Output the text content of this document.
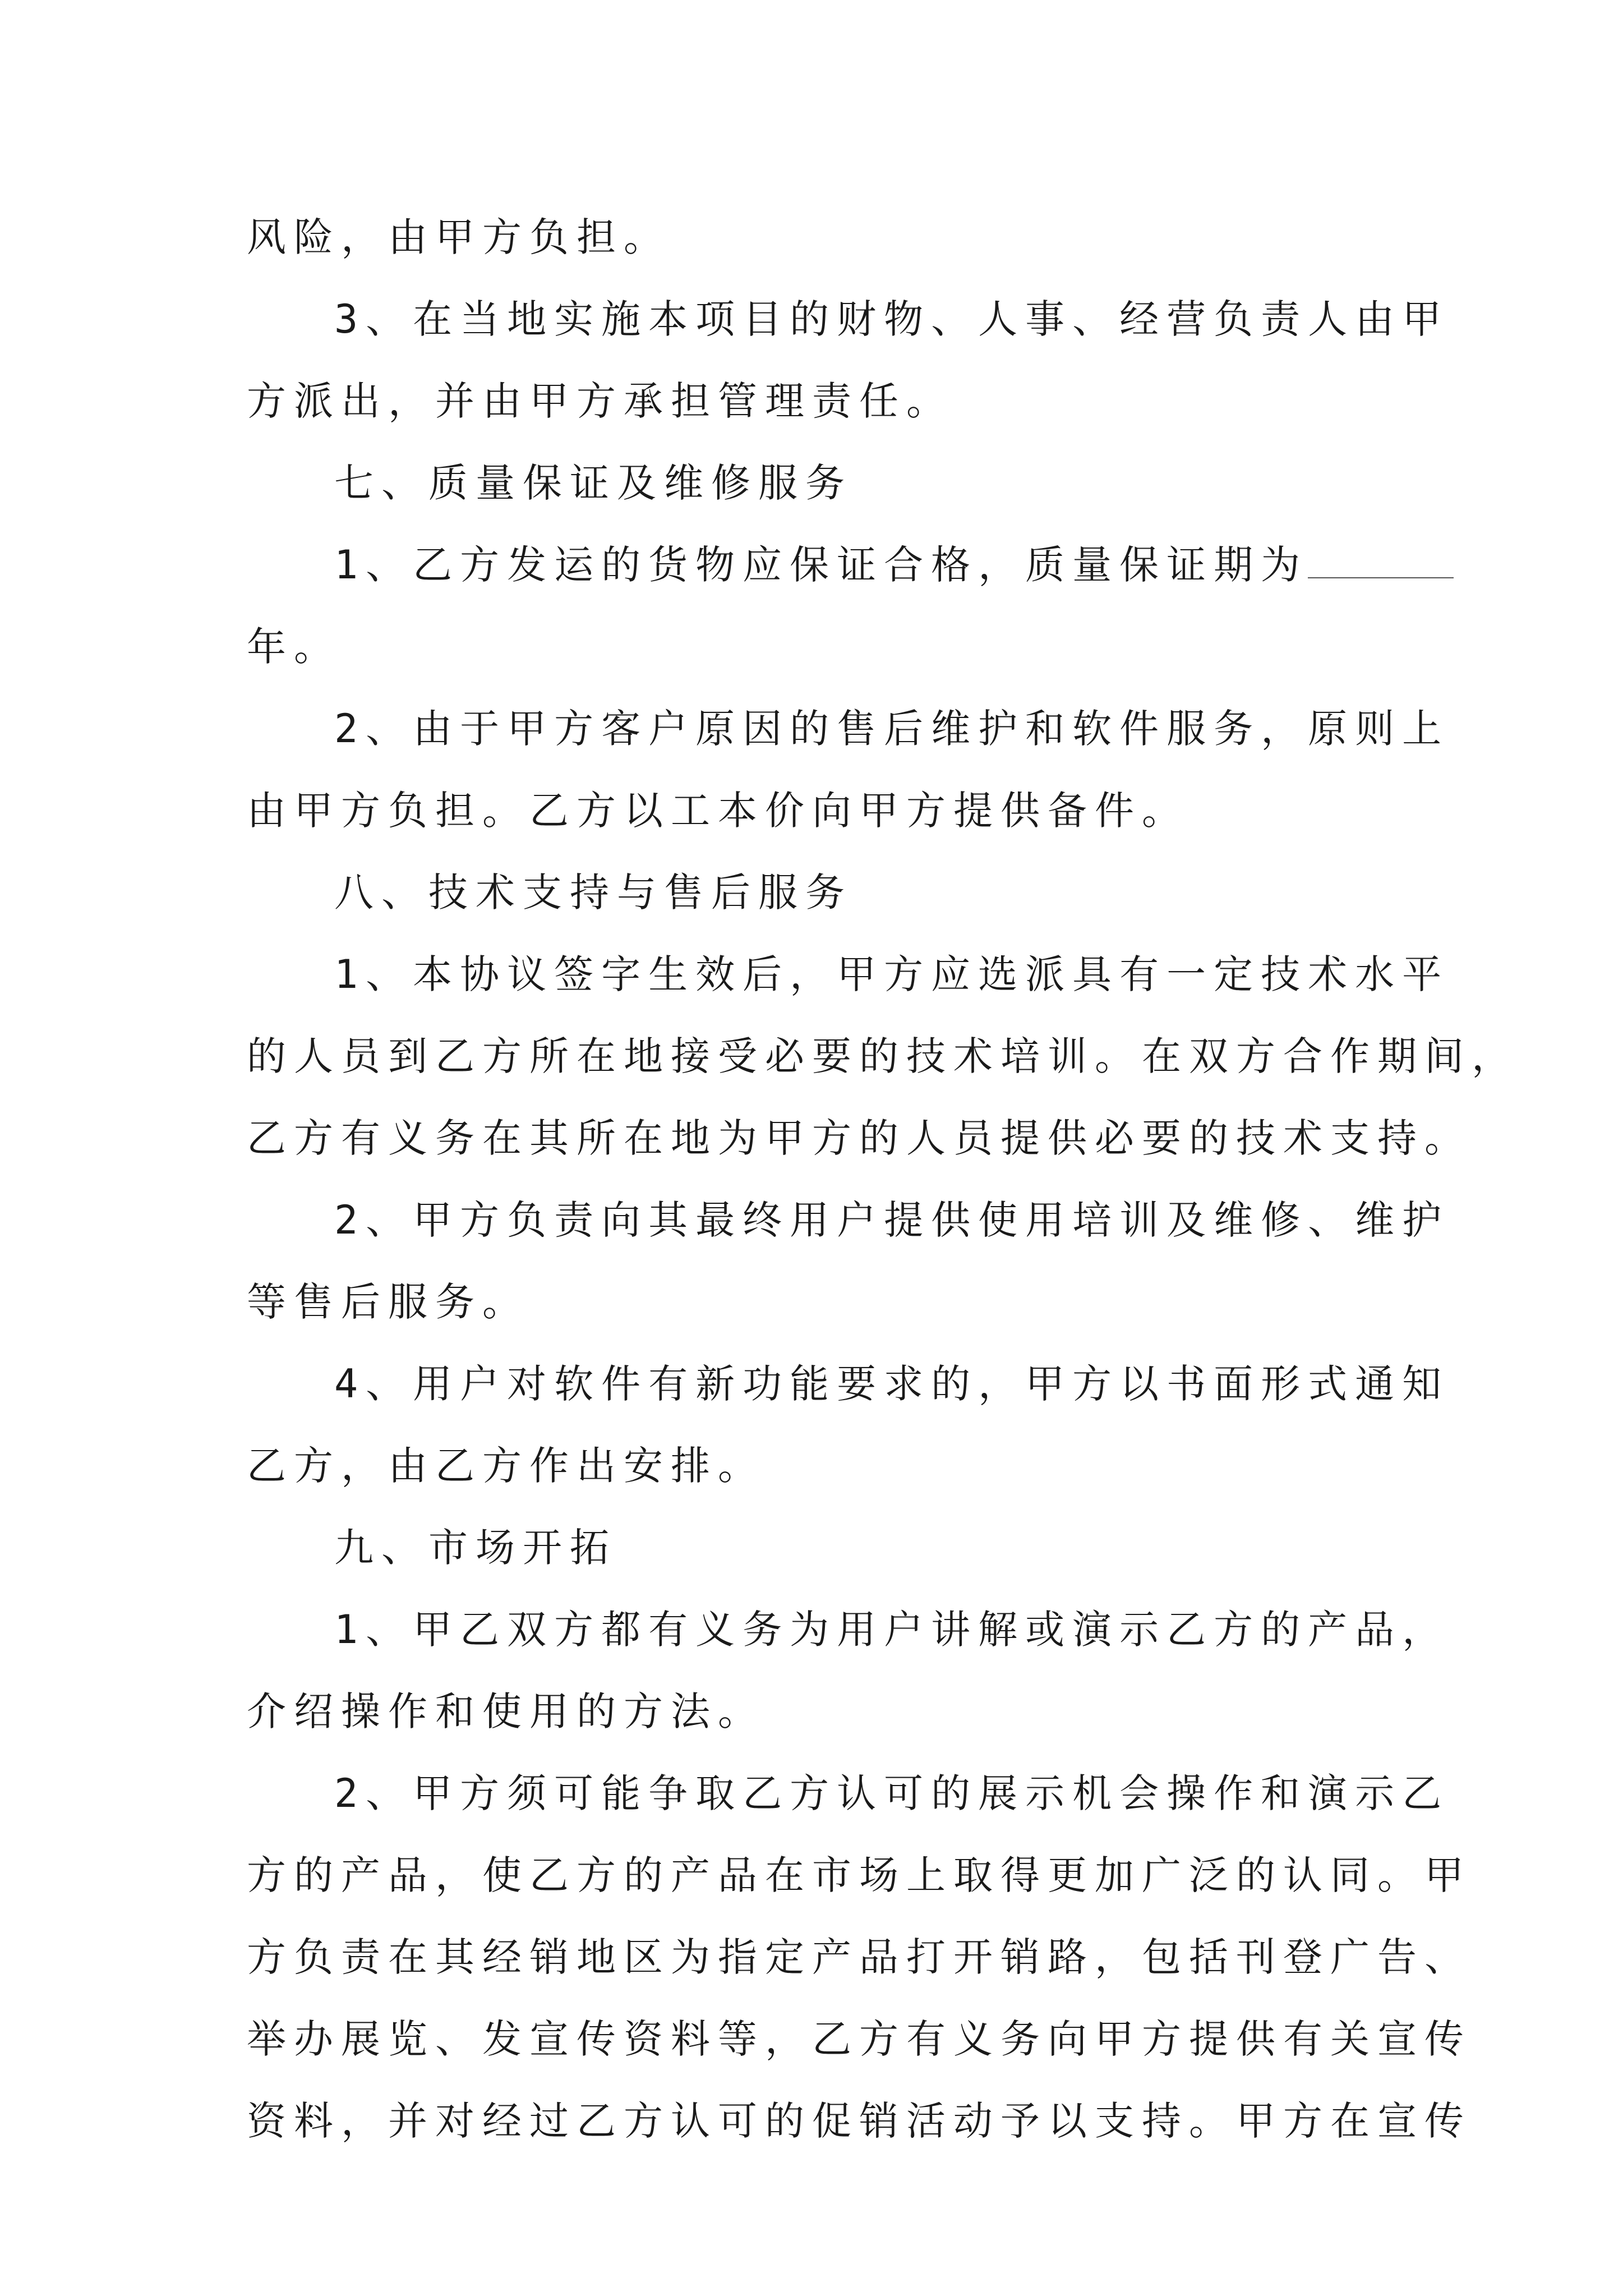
风险，由甲方负担。

3、在当地实施本项目的财物、人事、经营负责人由甲

方派出，并由甲方承担管理责任。

七、质量保证及维修服务

1、乙方发运的货物应保证合格，质量保证期为

年。

2、由于甲方客户原因的售后维护和软件服务，原则上

由甲方负担。乙方以工本价向甲方提供备件。

八、技术支持与售后服务

1、本协议签字生效后，甲方应选派具有一定技术水平

的人员到乙方所在地接受必要的技术培训。在双方合作期间，

乙方有义务在其所在地为甲方的人员提供必要的技术支持。

2、甲方负责向其最终用户提供使用培训及维修、维护

等售后服务。

4、用户对软件有新功能要求的，甲方以书面形式通知

乙方，由乙方作出安排。

九、市场开拓

1、甲乙双方都有义务为用户讲解或演示乙方的产品，

介绍操作和使用的方法。

2、甲方须可能争取乙方认可的展示机会操作和演示乙

方的产品，使乙方的产品在市场上取得更加广泛的认同。甲

方负责在其经销地区为指定产品打开销路，包括刊登广告、

举办展览、发宣传资料等，乙方有义务向甲方提供有关宣传

资料，并对经过乙方认可的促销活动予以支持。甲方在宣传
